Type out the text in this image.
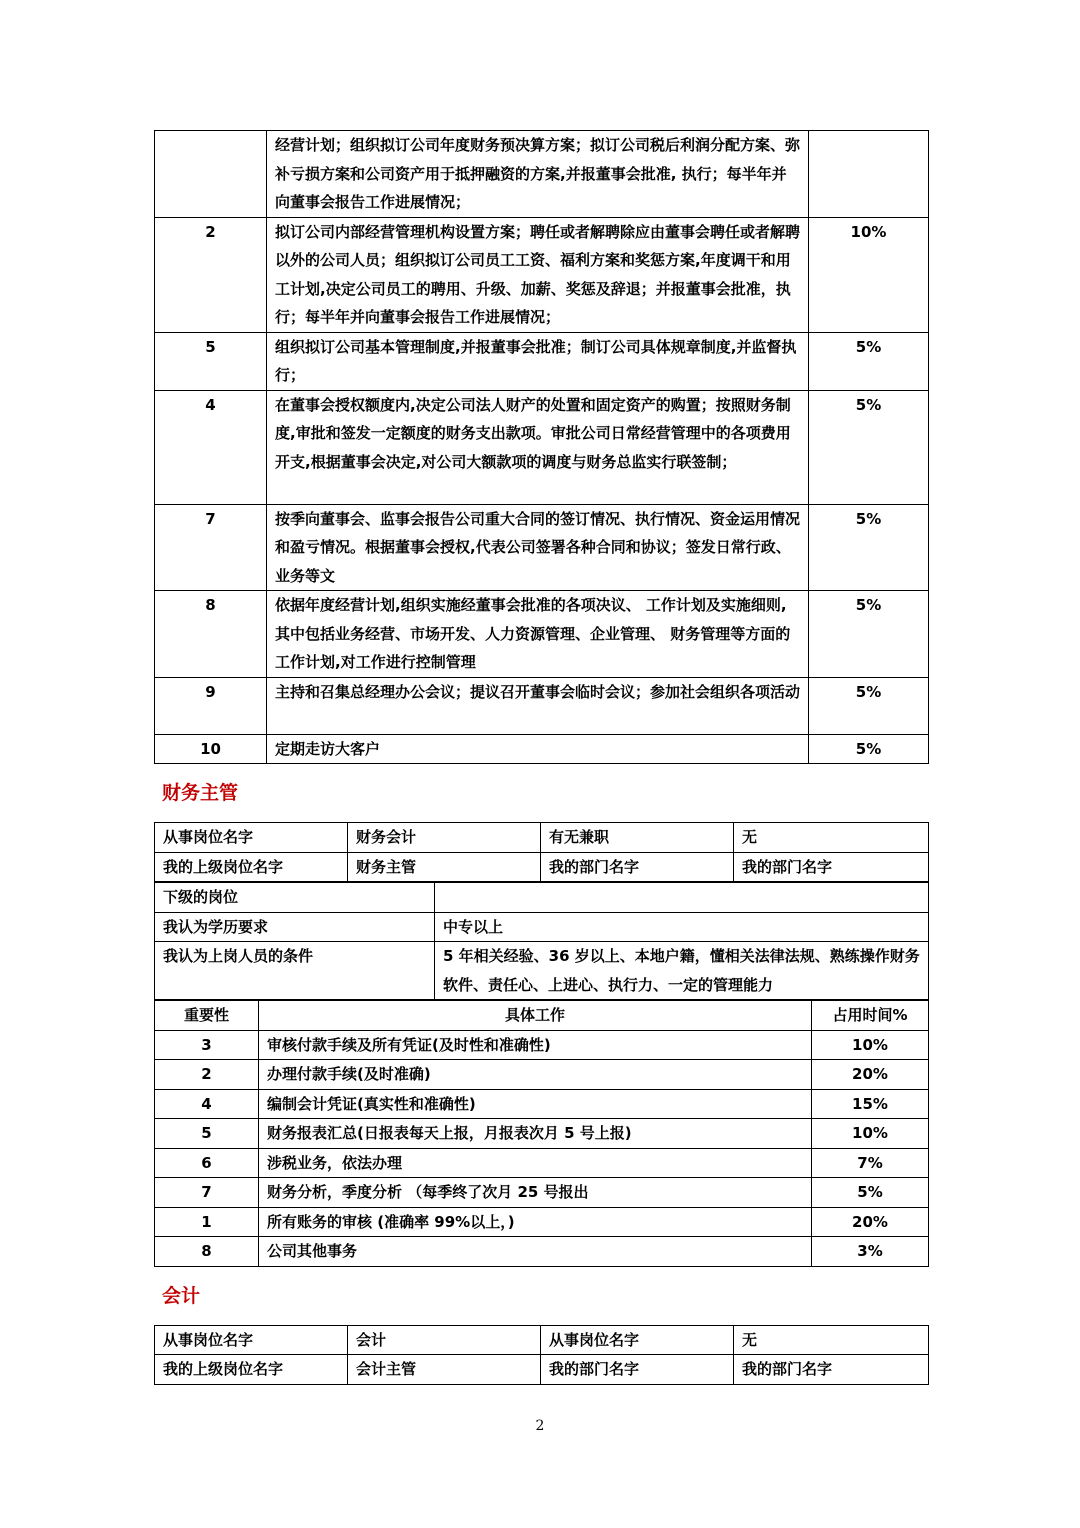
	经营计划；组织拟订公司年度财务预决算方案；拟订公司税后利润分配方案、弥补亏损方案和公司资产用于抵押融资的方案,并报董事会批准, 执行；每半年并向董事会报告工作进展情况；	
2	拟订公司内部经营管理机构设置方案；聘任或者解聘除应由董事会聘任或者解聘以外的公司人员；组织拟订公司员工工资、福利方案和奖惩方案,年度调干和用工计划,决定公司员工的聘用、升级、加薪、奖惩及辞退；并报董事会批准，执行；每半年并向董事会报告工作进展情况；	10%
5	组织拟订公司基本管理制度,并报董事会批准；制订公司具体规章制度,并监督执行；	5%
4	在董事会授权额度内,决定公司法人财产的处置和固定资产的购置；按照财务制度,审批和签发一定额度的财务支出款项。审批公司日常经营管理中的各项费用开支,根据董事会决定,对公司大额款项的调度与财务总监实行联签制；	5%
7	按季向董事会、监事会报告公司重大合同的签订情况、执行情况、资金运用情况和盈亏情况。根据董事会授权,代表公司签署各种合同和协议；签发日常行政、业务等文	5%
8	依据年度经营计划,组织实施经董事会批准的各项决议、 工作计划及实施细则,其中包括业务经营、市场开发、人力资源管理、企业管理、 财务管理等方面的工作计划,对工作进行控制管理	5%
9	主持和召集总经理办公会议；提议召开董事会临时会议；参加社会组织各项活动	5%
10	定期走访大客户	5%
财务主管
从事岗位名字	财务会计	有无兼职	无
我的上级岗位名字	财务主管	我的部门名字	我的部门名字
下级的岗位	
我认为学历要求	中专以上
我认为上岗人员的条件	5 年相关经验、36 岁以上、本地户籍，懂相关法律法规、熟练操作财务软件、责任心、上进心、执行力、一定的管理能力
重要性	具体工作	占用时间%
3	审核付款手续及所有凭证(及时性和准确性)	10%
2	办理付款手续(及时准确)	20%
4	编制会计凭证(真实性和准确性)	15%
5	财务报表汇总(日报表每天上报，月报表次月 5 号上报)	10%
6	涉税业务，依法办理	7%
7	财务分析，季度分析 （每季终了次月 25 号报出	5%
1	所有账务的审核 (准确率 99%以上，)	20%
8	公司其他事务	3%
会计
从事岗位名字	会计	从事岗位名字	无
我的上级岗位名字	会计主管	我的部门名字	我的部门名字
2
